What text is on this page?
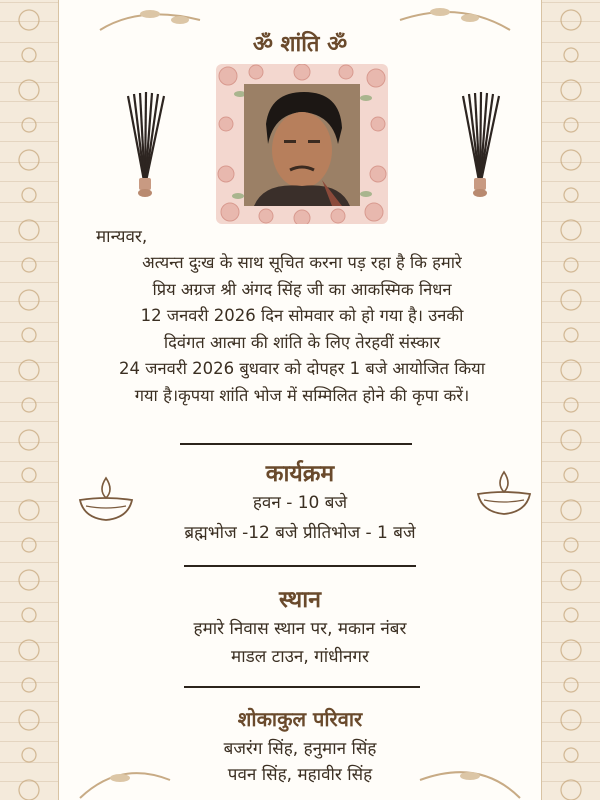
ॐ शांति ॐ
मान्यवर,
अत्यन्त दुःख के साथ सूचित करना पड़ रहा है कि हमारे
प्रिय अग्रज श्री अंगद सिंह जी का आकस्मिक निधन
12 जनवरी 2026 दिन सोमवार को हो गया है। उनकी
दिवंगत आत्मा की शांति के लिए तेरहवीं संस्कार
24 जनवरी 2026 बुधवार को दोपहर 1 बजे आयोजित किया
गया है।कृपया शांति भोज में सम्मिलित होने की कृपा करें।
कार्यक्रम
हवन - 10 बजे
ब्रह्मभोज -12 बजे प्रीतिभोज - 1 बजे
स्थान
हमारे निवास स्थान पर, मकान नंबर
माडल टाउन, गांधीनगर
शोकाकुल परिवार
बजरंग सिंह, हनुमान सिंह
पवन सिंह, महावीर सिंह
